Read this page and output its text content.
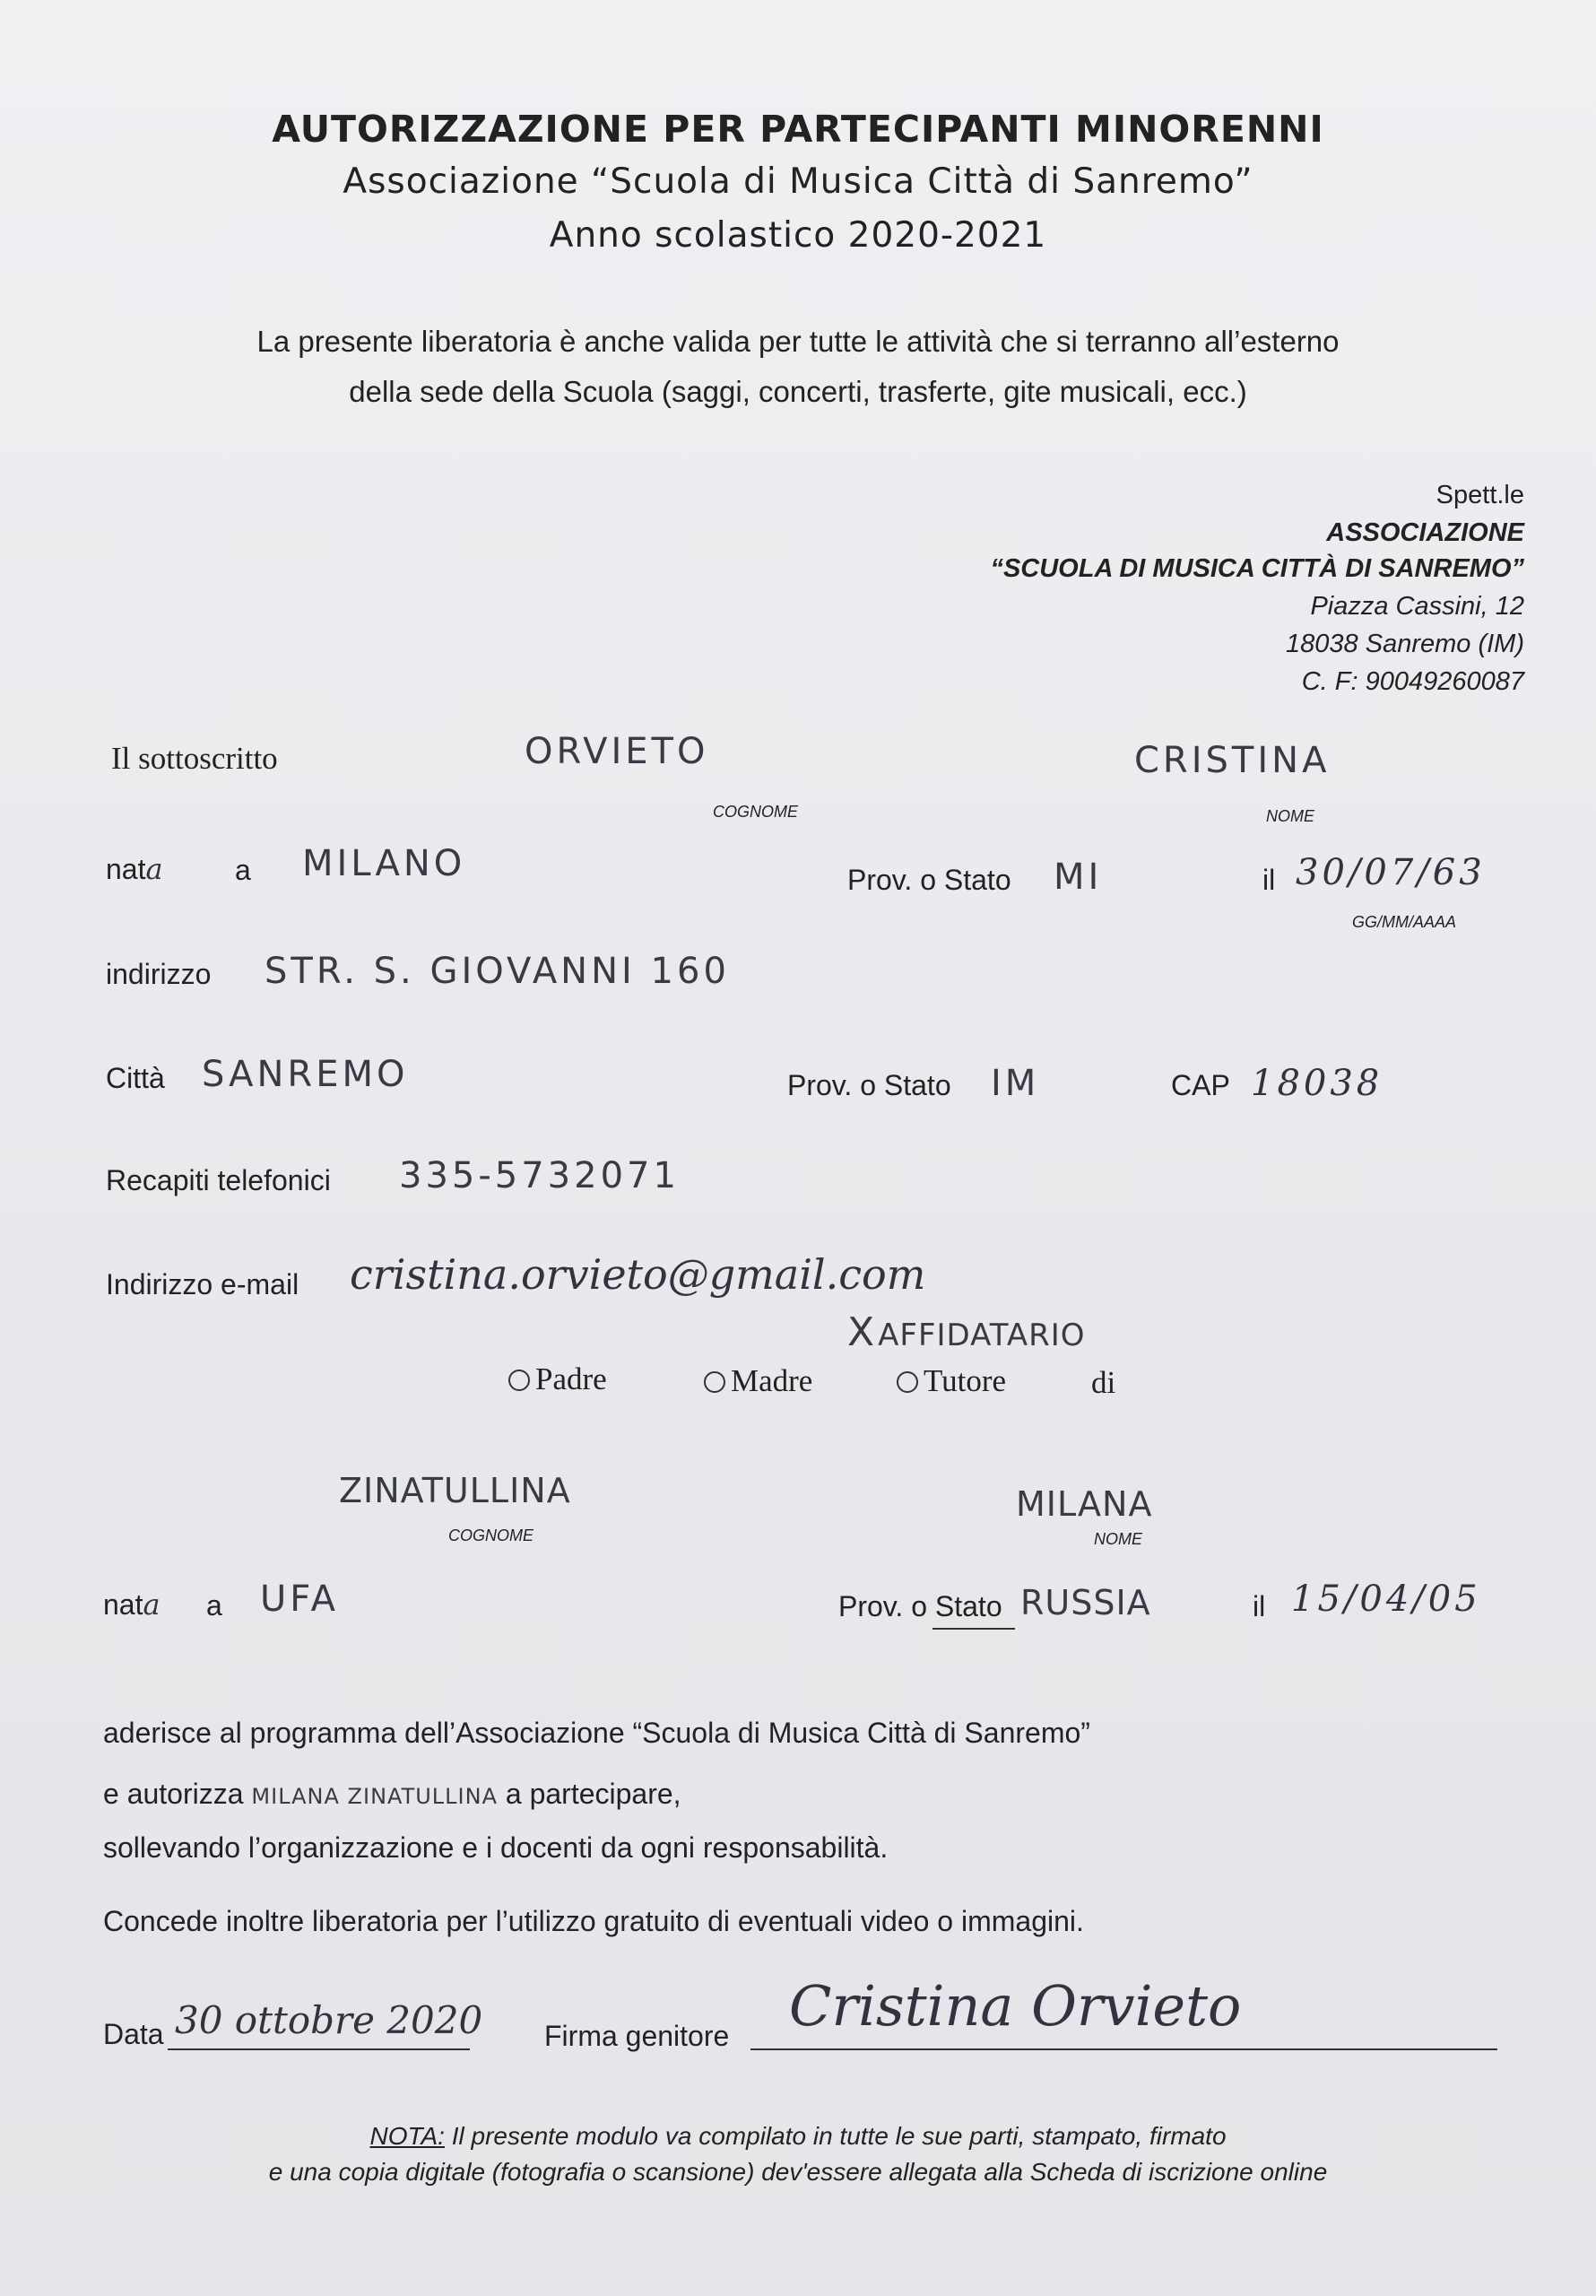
AUTORIZZAZIONE PER PARTECIPANTI MINORENNI
Associazione “Scuola di Musica Città di Sanremo”
Anno scolastico 2020-2021
La presente liberatoria è anche valida per tutte le attività che si terranno all’esterno
della sede della Scuola (saggi, concerti, trasferte, gite musicali, ecc.)
Spett.le
ASSOCIAZIONE
“SCUOLA DI MUSICA CITTÀ DI SANREMO”
Piazza Cassini, 12
18038 Sanremo (IM)
C. F: 90049260087
Il sottoscritto	ORVIETO
COGNOME
CRISTINA
NOME
nata	a MILANO	Prov. o Stato MI	il 30/07/63
GG/MM/AAAA
indirizzo STR. S. GIOVANNI 160
Città SANREMO	Prov. o Stato IM	CAP 18038
Recapiti telefonici 335-5732071
Indirizzo e-mail cristina.orvieto@gmail.com
XAFFIDATARIO
Padre	Madre	Tutore	di
ZINATULLINA
COGNOME
MILANA
NOME
nata a UFA	Prov. o Stato RUSSIA	il 15/04/05
aderisce al programma dell’Associazione “Scuola di Musica Città di Sanremo”
e autorizza MILANA ZINATULLINA a partecipare,
sollevando l’organizzazione e i docenti da ogni responsabilità.
Concede inoltre liberatoria per l’utilizzo gratuito di eventuali video o immagini.
Data 30 ottobre 2020 Firma genitore Cristina Orvieto
NOTA: Il presente modulo va compilato in tutte le sue parti, stampato, firmato
e una copia digitale (fotografia o scansione) dev'essere allegata alla Scheda di iscrizione online
